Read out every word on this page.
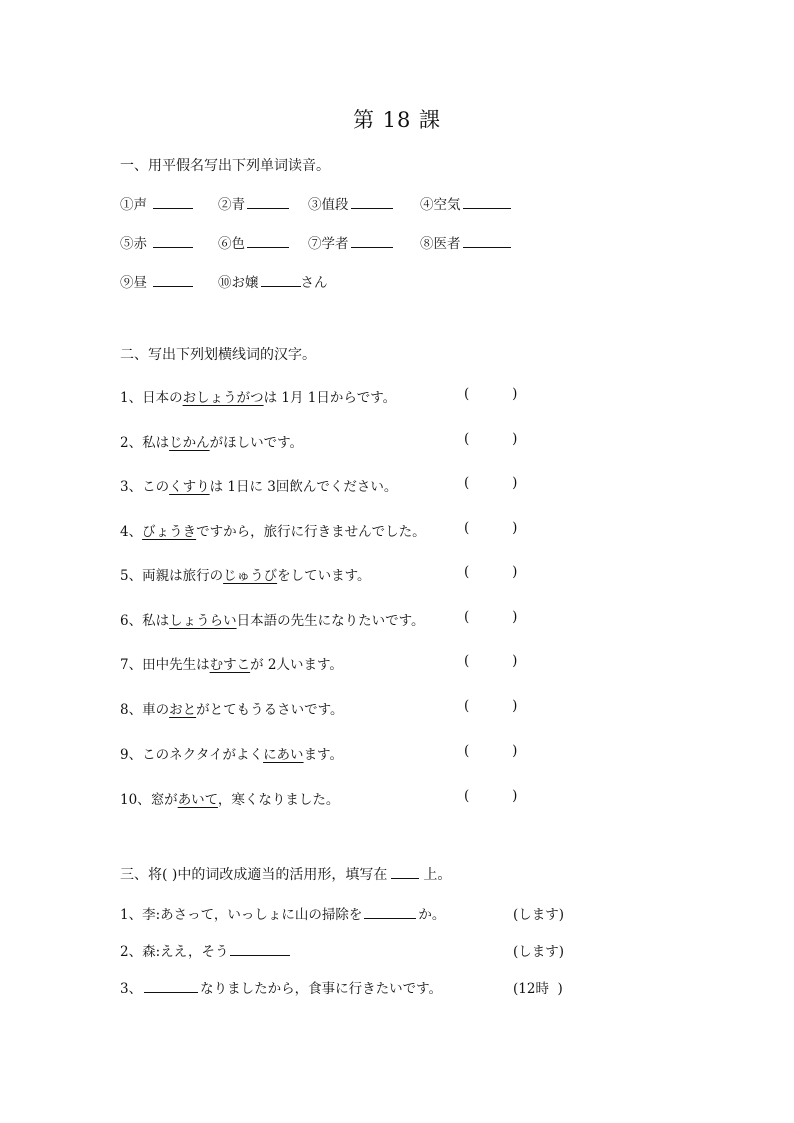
第 18 課
一、用平假名写出下列单词读音。
①声	②青	③值段	④空気
⑤赤	⑥色	⑦学者	⑧医者
⑨昼	⑩お嬢	さん
二、写出下列划横线词的汉字。
1、日本のおしょうがつは 1月 1日からです。	(          )
2、私はじかんがほしいです。	(          )
3、このくすりは 1日に 3回飲んでください。	(          )
4、びょうきですから，旅行に行きませんでした。	(          )
5、両親は旅行のじゅうびをしています。	(          )
6、私はしょうらい日本語の先生になりたいです。	(          )
7、田中先生はむすこが 2人います。	(          )
8、車のおとがとてもうるさいです。	(          )
9、このネクタイがよくにあいます。	(          )
10、窓があいて，寒くなりました。	(          )
三、将( )中的词改成適当的活用形，填写在	上。
1、李:あさって，いっしょに山の掃除を	か。	(します)
2、森:ええ，そう	(します)
3、	なりましたから，食事に行きたいです。	(12時  )
